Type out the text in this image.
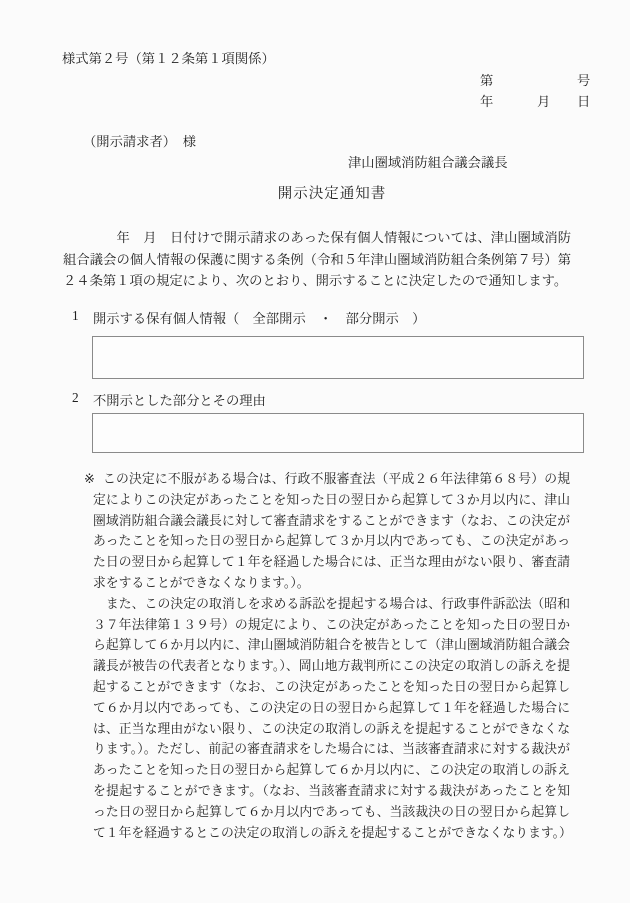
様式第２号（第１２条第１項関係）
第	号
年	月 日
（開示請求者）　様
津山圏域消防組合議会議長
開示決定通知書
　　　　年　月　日付けで開示請求のあった保有個人情報については、津山圏域消防組合議会の個人情報の保護に関する条例（令和５年津山圏域消防組合条例第７号）第２４条第１項の規定により、次のとおり、開示することに決定したので通知します。
1 開示する保有個人情報（　全部開示　・　部分開示　）
2 不開示とした部分とその理由
※ この決定に不服がある場合は、行政不服審査法（平成２６年法律第６８号）の規定によりこの決定があったことを知った日の翌日から起算して３か月以内に、津山圏域消防組合議会議長に対して審査請求をすることができます（なお、この決定があったことを知った日の翌日から起算して３か月以内であっても、この決定があった日の翌日から起算して１年を経過した場合には、正当な理由がない限り、審査請求をすることができなくなります。）。

　また、この決定の取消しを求める訴訟を提起する場合は、行政事件訴訟法（昭和３７年法律第１３９号）の規定により、この決定があったことを知った日の翌日から起算して６か月以内に、津山圏域消防組合を被告として（津山圏域消防組合議会議長が被告の代表者となります。）、岡山地方裁判所にこの決定の取消しの訴えを提起することができます（なお、この決定があったことを知った日の翌日から起算して６か月以内であっても、この決定の日の翌日から起算して１年を経過した場合には、正当な理由がない限り、この決定の取消しの訴えを提起することができなくなります。）。ただし、前記の審査請求をした場合には、当該審査請求に対する裁決があったことを知った日の翌日から起算して６か月以内に、この決定の取消しの訴えを提起することができます。（なお、当該審査請求に対する裁決があったことを知った日の翌日から起算して６か月以内であっても、当該裁決の日の翌日から起算して１年を経過するとこの決定の取消しの訴えを提起することができなくなります。）
